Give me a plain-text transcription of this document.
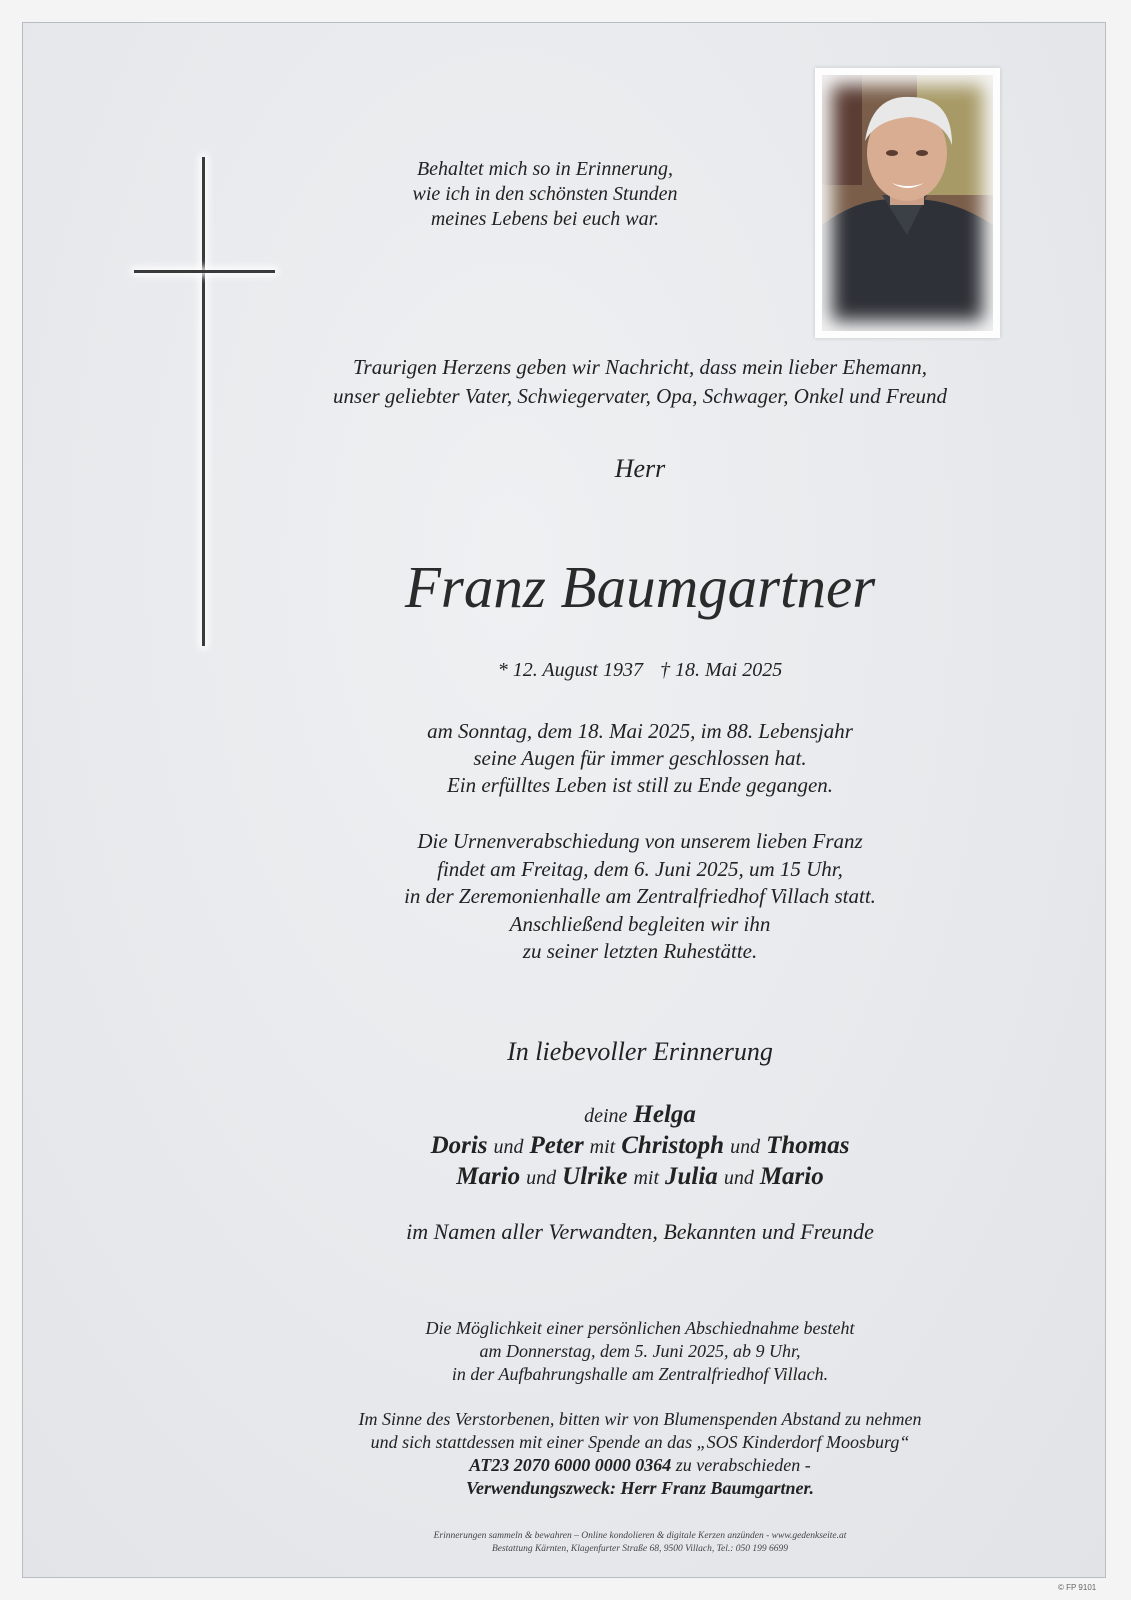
Behaltet mich so in Erinnerung,
wie ich in den schönsten Stunden
meines Lebens bei euch war.
Traurigen Herzens geben wir Nachricht, dass mein lieber Ehemann,
unser geliebter Vater, Schwiegervater, Opa, Schwager, Onkel und Freund
Herr
Franz Baumgartner
* 12. August 1937 † 18. Mai 2025
am Sonntag, dem 18. Mai 2025, im 88. Lebensjahr
seine Augen für immer geschlossen hat.
Ein erfülltes Leben ist still zu Ende gegangen.
Die Urnenverabschiedung von unserem lieben Franz
findet am Freitag, dem 6. Juni 2025, um 15 Uhr,
in der Zeremonienhalle am Zentralfriedhof Villach statt.
Anschließend begleiten wir ihn
zu seiner letzten Ruhestätte.
In liebevoller Erinnerung
deine Helga
Doris und Peter mit Christoph und Thomas
Mario und Ulrike mit Julia und Mario
im Namen aller Verwandten, Bekannten und Freunde
Die Möglichkeit einer persönlichen Abschiednahme besteht
am Donnerstag, dem 5. Juni 2025, ab 9 Uhr,
in der Aufbahrungshalle am Zentralfriedhof Villach.
Im Sinne des Verstorbenen, bitten wir von Blumenspenden Abstand zu nehmen
und sich stattdessen mit einer Spende an das „SOS Kinderdorf Moosburg“
AT23 2070 6000 0000 0364 zu verabschieden -
Verwendungszweck: Herr Franz Baumgartner.
Erinnerungen sammeln & bewahren – Online kondolieren & digitale Kerzen anzünden - www.gedenkseite.at
Bestattung Kärnten, Klagenfurter Straße 68, 9500 Villach, Tel.: 050 199 6699
© FP 9101
